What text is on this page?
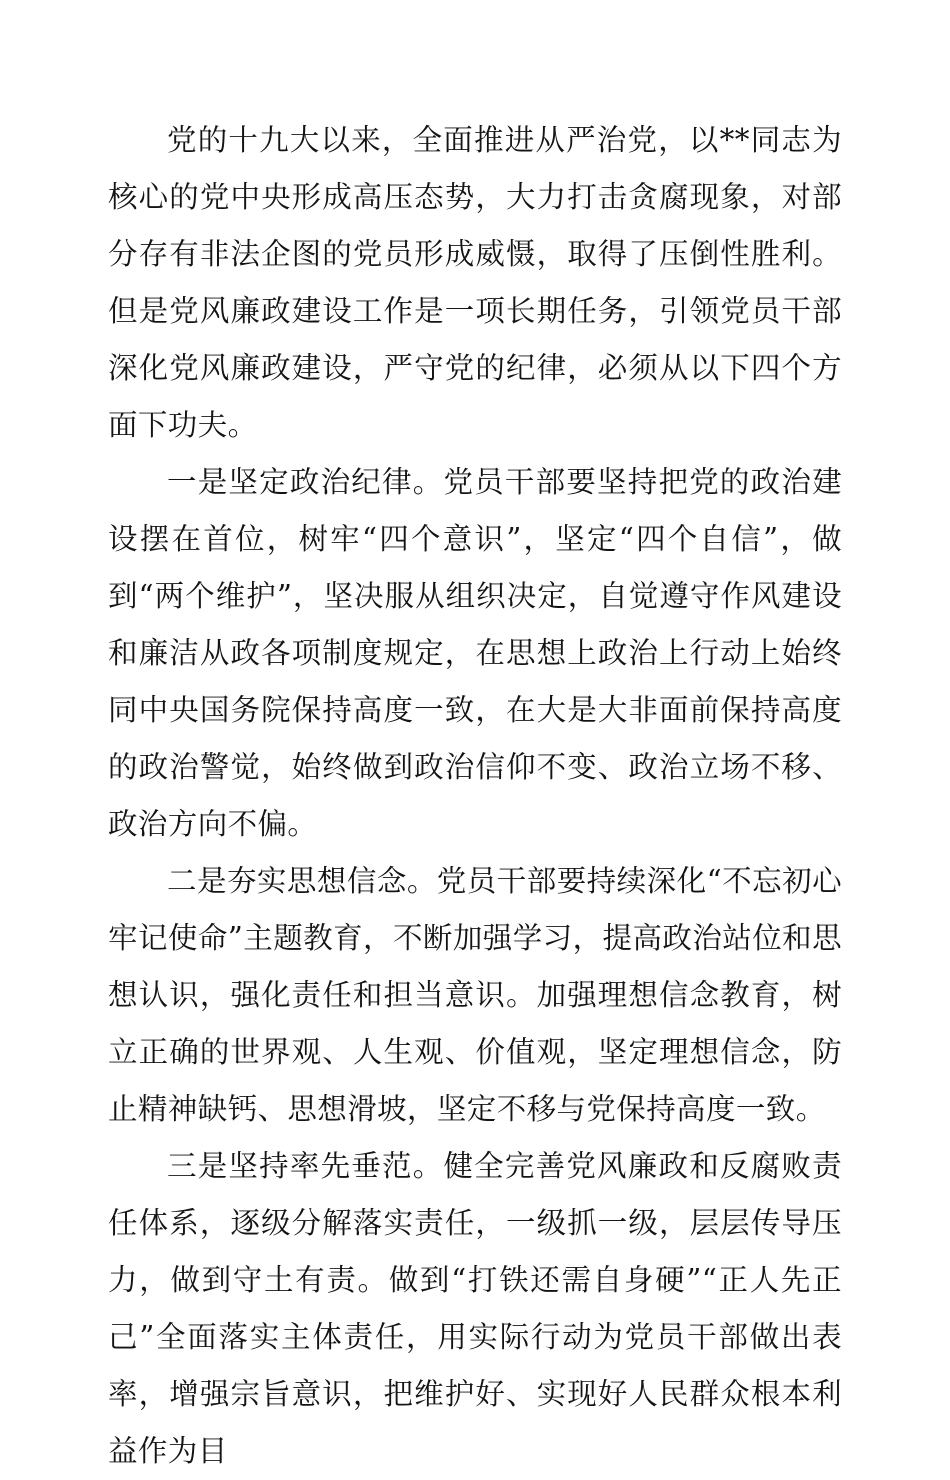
党的十九大以来，全面推进从严治党，以**同志为核心的党中央形成高压态势，大力打击贪腐现象，对部分存有非法企图的党员形成威慑，取得了压倒性胜利。但是党风廉政建设工作是一项长期任务，引领党员干部深化党风廉政建设，严守党的纪律，必须从以下四个方面下功夫。

一是坚定政治纪律。党员干部要坚持把党的政治建设摆在首位，树牢“四个意识”，坚定“四个自信”，做到“两个维护”，坚决服从组织决定，自觉遵守作风建设和廉洁从政各项制度规定，在思想上政治上行动上始终同中央国务院保持高度一致，在大是大非面前保持高度的政治警觉，始终做到政治信仰不变、政治立场不移、政治方向不偏。

二是夯实思想信念。党员干部要持续深化“不忘初心牢记使命”主题教育，不断加强学习，提高政治站位和思想认识，强化责任和担当意识。加强理想信念教育，树立正确的世界观、人生观、价值观，坚定理想信念，防止精神缺钙、思想滑坡，坚定不移与党保持高度一致。

三是坚持率先垂范。健全完善党风廉政和反腐败责任体系，逐级分解落实责任，一级抓一级，层层传导压力，做到守土有责。做到“打铁还需自身硬”“正人先正己”全面落实主体责任，用实际行动为党员干部做出表率，增强宗旨意识，把维护好、实现好人民群众根本利益作为目
